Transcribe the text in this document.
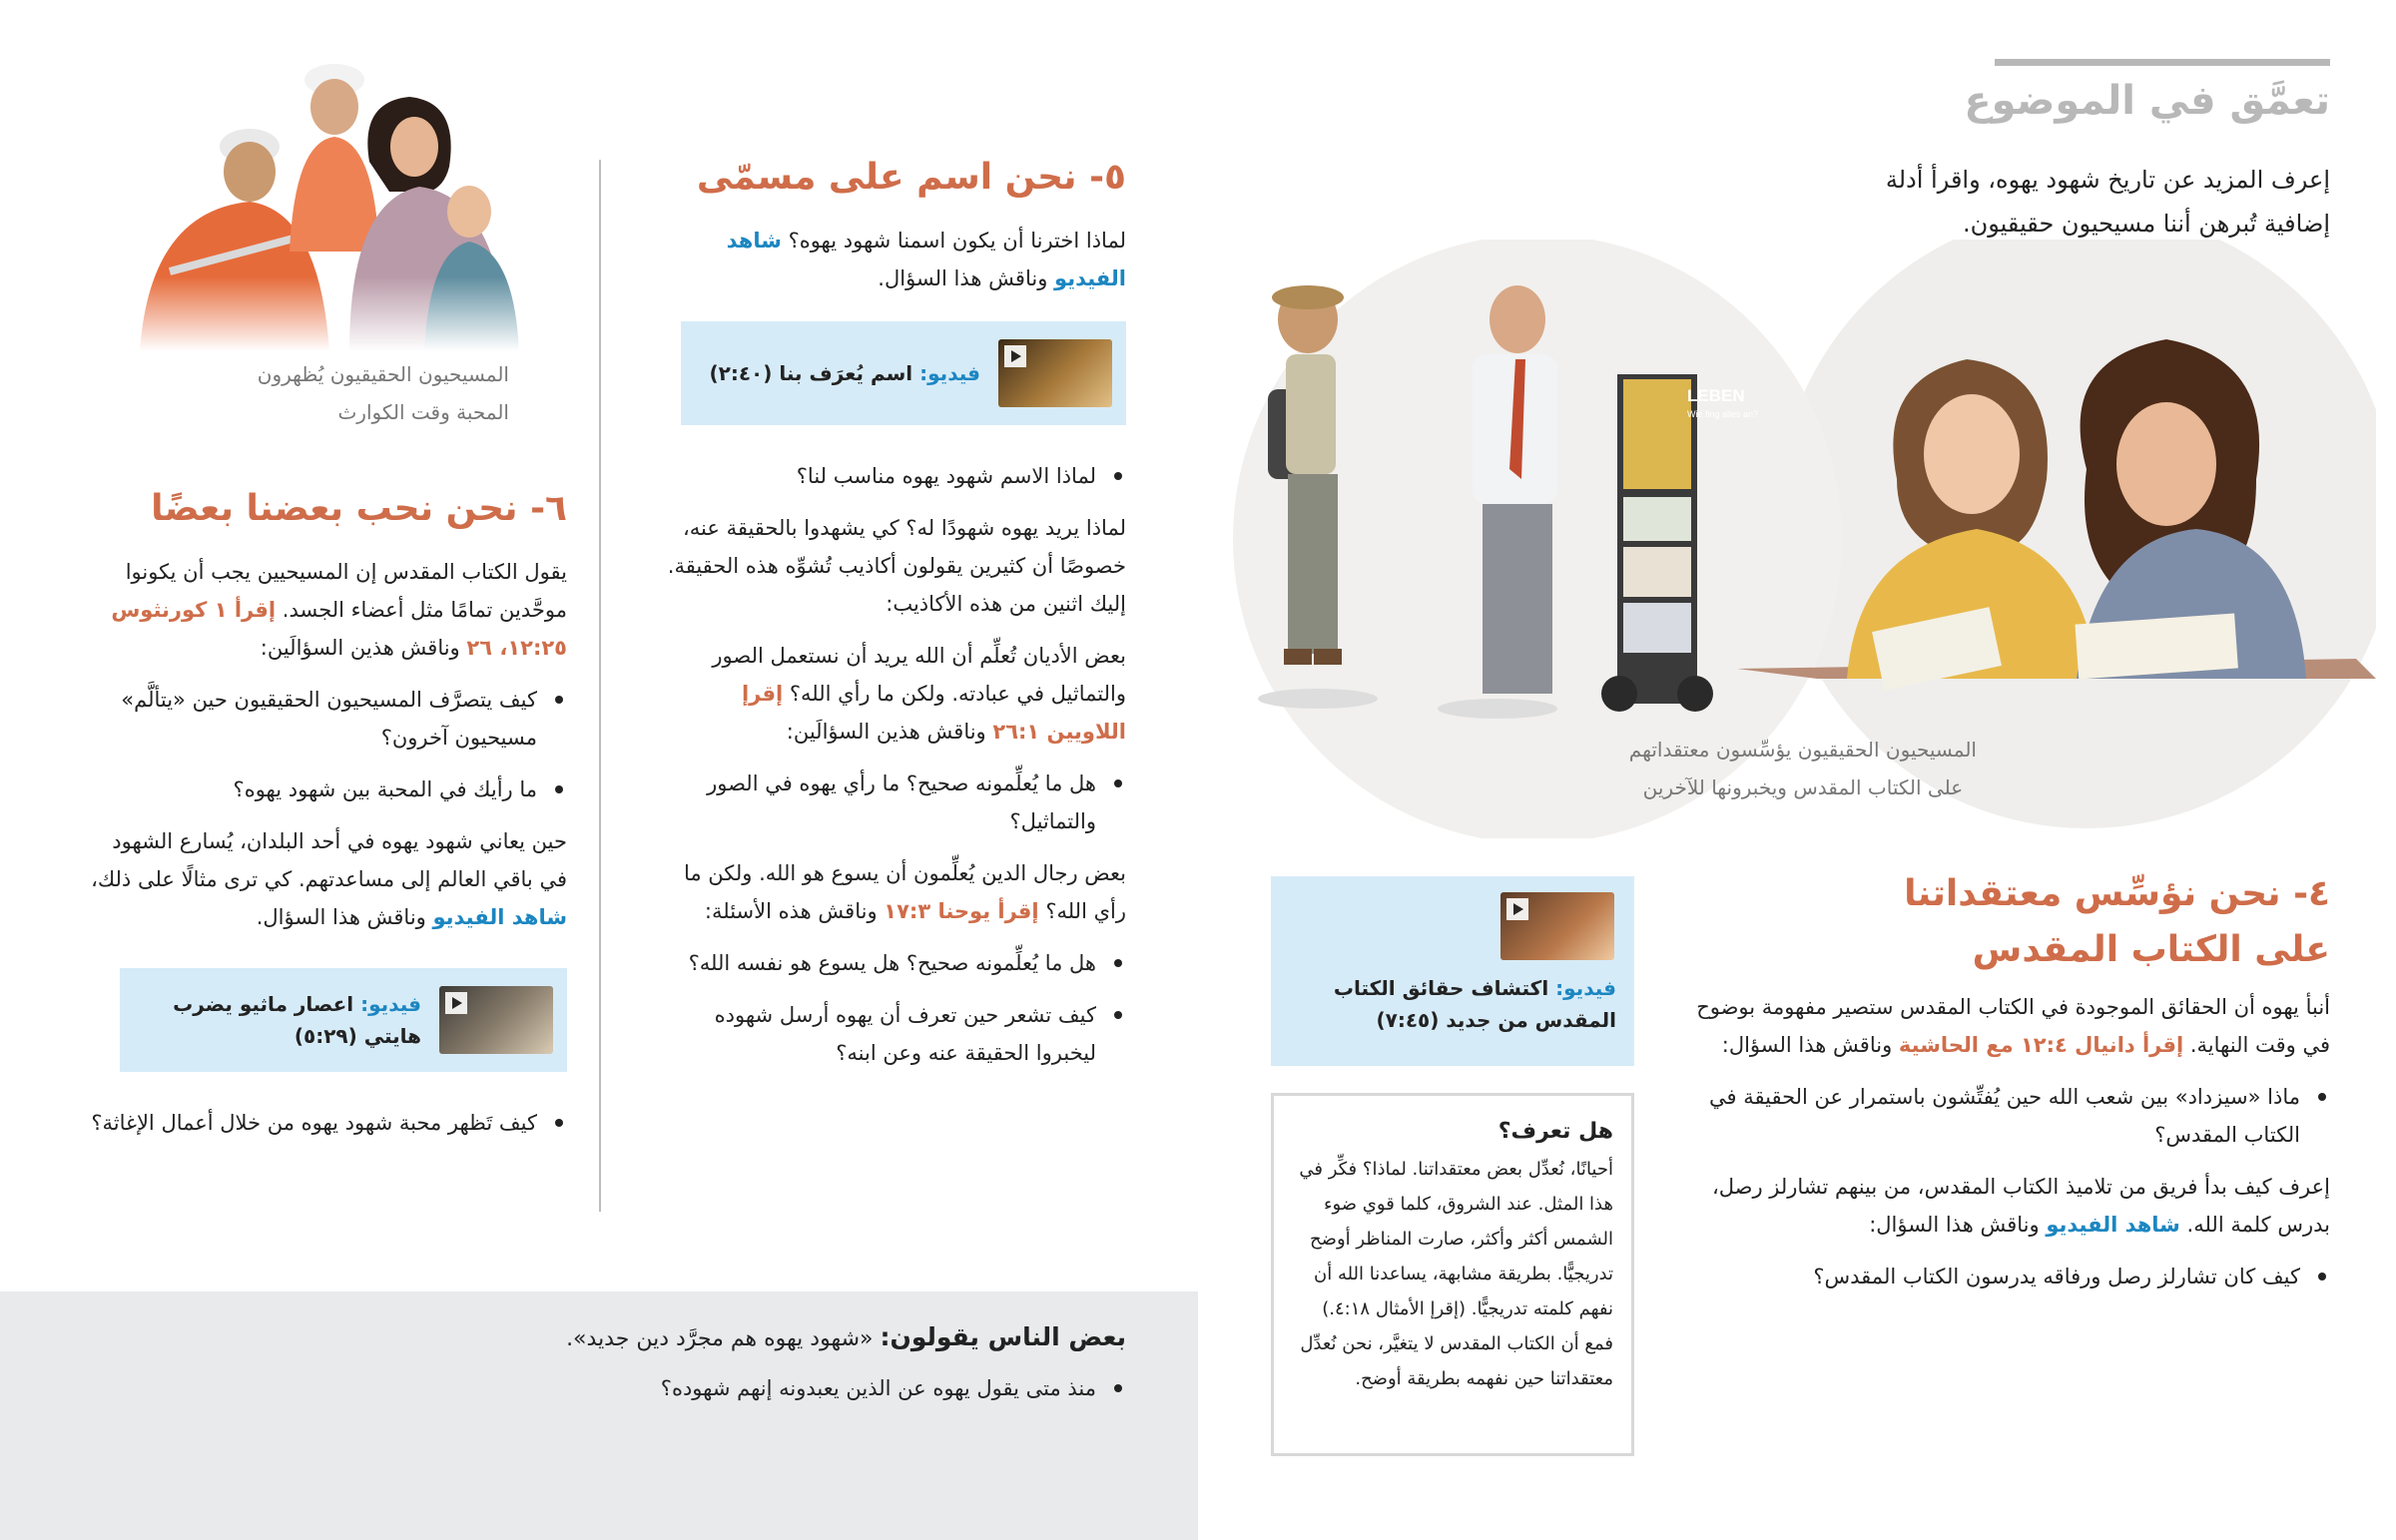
تعمَّق في الموضوع
إعرف المزيد عن تاريخ شهود يهوه، واقرأ أدلة
إضافية تُبرهن أننا مسيحيون حقيقيون.
LEBEN
Wie fing alles an?
المسيحيون الحقيقيون يؤسِّسون معتقداتهم
على الكتاب المقدس ويخبرونها للآخرين
٤- نحن نؤسِّس معتقداتنا
على الكتاب المقدس

أنبأ يهوه أن الحقائق الموجودة في الكتاب المقدس ستصير مفهومة بوضوح في وقت النهاية. إقرأ دانيال ١٢:٤ مع الحاشية وناقش هذا السؤال:

ماذا «سيزداد» بين شعب الله حين يُفتِّشون باستمرار عن الحقيقة في الكتاب المقدس؟

إعرف كيف بدأ فريق من تلاميذ الكتاب المقدس، من بينهم تشارلز رصل، بدرس كلمة الله. شاهد الفيديو وناقش هذا السؤال:

كيف كان تشارلز رصل ورفاقه يدرسون الكتاب المقدس؟
فيديو: اكتشاف حقائق الكتاب المقدس من جديد (٧:٤٥)
هل تعرف؟
أحيانًا، نُعدِّل بعض معتقداتنا. لماذا؟ فكِّر في هذا المثل. عند الشروق، كلما قوي ضوء الشمس أكثر وأكثر، صارت المناظر أوضح تدريجيًّا. بطريقة مشابهة، يساعدنا الله أن نفهم كلمته تدريجيًّا. (إقرإ الأمثال ٤:١٨.) فمع أن الكتاب المقدس لا يتغيَّر، نحن نُعدِّل معتقداتنا حين نفهمه بطريقة أوضح.
٥- نحن اسم على مسمّى
لماذا اخترنا أن يكون اسمنا شهود يهوه؟ شاهد الفيديو وناقش هذا السؤال.
فيديو: اسم يُعرَف بنا (٢:٤٠)
لماذا الاسم شهود يهوه مناسب لنا؟

لماذا يريد يهوه شهودًا له؟ كي يشهدوا بالحقيقة عنه، خصوصًا أن كثيرين يقولون أكاذيب تُشوِّه هذه الحقيقة. إليك اثنين من هذه الأكاذيب:

بعض الأديان تُعلِّم أن الله يريد أن نستعمل الصور والتماثيل في عبادته. ولكن ما رأي الله؟ إقرإ اللاويين ٢٦:١ وناقش هذين السؤالَين:

هل ما يُعلِّمونه صحيح؟ ما رأي يهوه في الصور والتماثيل؟

بعض رجال الدين يُعلِّمون أن يسوع هو الله. ولكن ما رأي الله؟ إقرأ يوحنا ١٧:٣ وناقش هذه الأسئلة:

هل ما يُعلِّمونه صحيح؟ هل يسوع هو نفسه الله؟
كيف تشعر حين تعرف أن يهوه أرسل شهوده ليخبروا الحقيقة عنه وعن ابنه؟
المسيحيون الحقيقيون يُظهرون
المحبة وقت الكوارث
٦- نحن نحب بعضنا بعضًا

يقول الكتاب المقدس إن المسيحيين يجب أن يكونوا موحَّدين تمامًا مثل أعضاء الجسد. إقرأ ١ كورنثوس ١٢:٢٥، ٢٦ وناقش هذين السؤالَين:

كيف يتصرَّف المسيحيون الحقيقيون حين «يتألَّم» مسيحيون آخرون؟
ما رأيك في المحبة بين شهود يهوه؟

حين يعاني شهود يهوه في أحد البلدان، يُسارع الشهود في باقي العالم إلى مساعدتهم. كي ترى مثالًا على ذلك، شاهد الفيديو وناقش هذا السؤال.

فيديو: اعصار ماثيو يضرب هايتي (٥:٢٩)
كيف تَظهر محبة شهود يهوه من خلال أعمال الإغاثة؟
بعض الناس يقولون: «شهود يهوه هم مجرَّد دين جديد».
منذ متى يقول يهوه عن الذين يعبدونه إنهم شهوده؟
